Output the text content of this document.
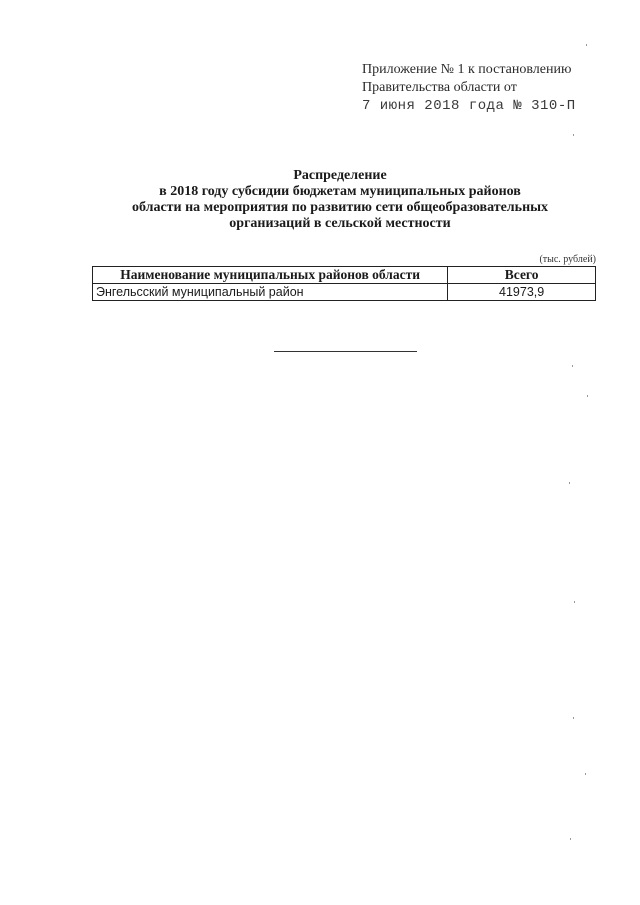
Приложение № 1 к постановлению
Правительства области от
7 июня 2018 года № 310-П
Распределение
в 2018 году субсидии бюджетам муниципальных районов
области на мероприятия по развитию сети общеобразовательных
организаций в сельской местности
(тыс. рублей)
Наименование муниципальных районов области	Всего
Энгельсский муниципальный район	41973,9
